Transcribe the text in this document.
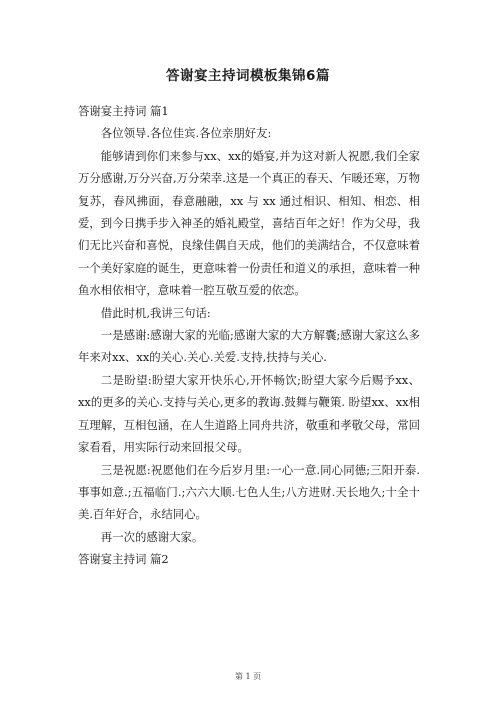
答谢宴主持词模板集锦6篇

答谢宴主持词 篇1

各位领导.各位佳宾.各位亲朋好友:

能够请到你们来参与xx、xx的婚宴,并为这对新人祝愿,我们全家万分感谢,万分兴奋,万分荣幸.这是一个真正的春天、乍暖还寒，万物复苏，春风拂面，春意融融，xx 与 xx 通过相识、相知、相恋、相爱，到今日携手步入神圣的婚礼殿堂，喜结百年之好！作为父母，我们无比兴奋和喜悦，良缘佳偶自天成，他们的美满结合，不仅意味着一个美好家庭的诞生，更意味着一份责任和道义的承担，意味着一种鱼水相依相守，意味着一腔互敬互爱的依恋。

借此时机,我讲三句话:

一是感谢:感谢大家的光临;感谢大家的大方解囊;感谢大家这么多年来对xx、xx的关心.关心.关爱.支持,扶持与关心.

二是盼望:盼望大家开快乐心,开怀畅饮;盼望大家今后赐予xx、xx的更多的关心.支持与关心,更多的教诲.鼓舞与鞭策. 盼望xx、xx相互理解，互相包涵，在人生道路上同舟共济，敬重和孝敬父母，常回家看看，用实际行动来回报父母。

三是祝愿:祝愿他们在今后岁月里:一心一意.同心同德;三阳开泰.事事如意.;五福临门.;六六大顺.七色人生;八方进财.天长地久;十全十美.百年好合，永结同心。

再一次的感谢大家。

答谢宴主持词 篇2

第 1 页
